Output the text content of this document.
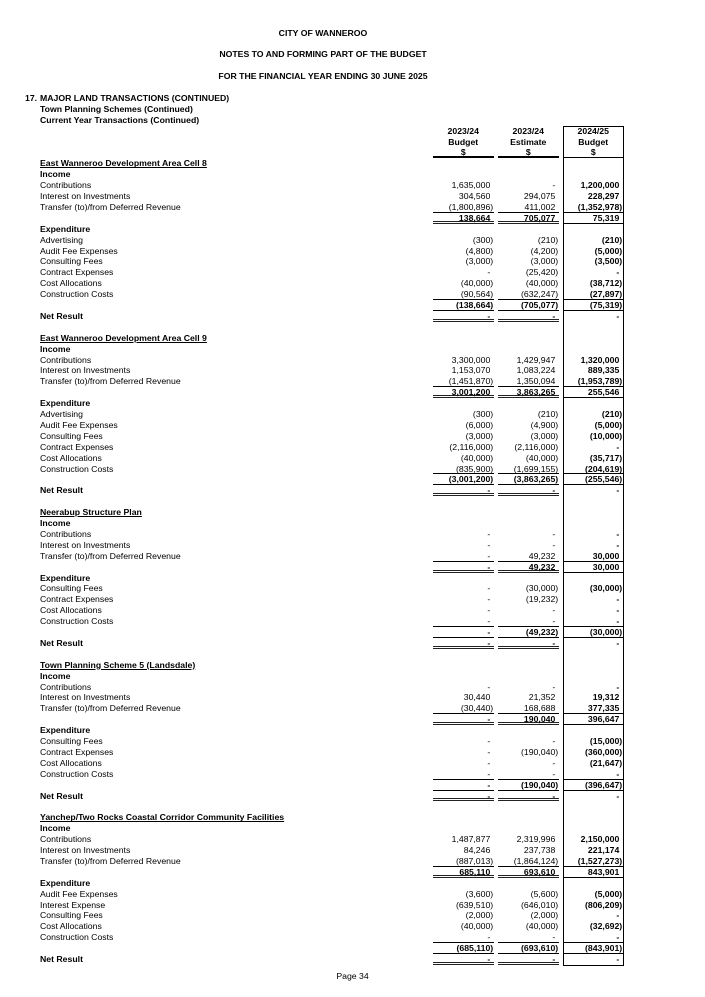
CITY OF WANNEROO
NOTES TO AND FORMING PART OF THE BUDGET
FOR THE FINANCIAL YEAR ENDING 30 JUNE 2025
17. MAJOR LAND TRANSACTIONS (CONTINUED)
Town Planning Schemes (Continued)
Current Year Transactions (Continued)
2023/24	2023/24	2024/25
Budget	Estimate	Budget
$	$	$
East Wanneroo Development Area Cell 8
Income
Contributions	1,635,000	-	1,200,000
Interest on Investments	304,560	294,075	228,297
Transfer (to)/from Deferred Revenue	(1,800,896)	411,002	(1,352,978)
138,664	705,077	75,319
Expenditure
Advertising	(300)	(210)	(210)
Audit Fee Expenses	(4,800)	(4,200)	(5,000)
Consulting Fees	(3,000)	(3,000)	(3,500)
Contract Expenses	-	(25,420)	-
Cost Allocations	(40,000)	(40,000)	(38,712)
Construction Costs	(90,564)	(632,247)	(27,897)
(138,664)	(705,077)	(75,319)
Net Result	-	-	-
East Wanneroo Development Area Cell 9
Income
Contributions	3,300,000	1,429,947	1,320,000
Interest on Investments	1,153,070	1,083,224	889,335
Transfer (to)/from Deferred Revenue	(1,451,870)	1,350,094	(1,953,789)
3,001,200	3,863,265	255,546
Expenditure
Advertising	(300)	(210)	(210)
Audit Fee Expenses	(6,000)	(4,900)	(5,000)
Consulting Fees	(3,000)	(3,000)	(10,000)
Contract Expenses	(2,116,000)	(2,116,000)	-
Cost Allocations	(40,000)	(40,000)	(35,717)
Construction Costs	(835,900)	(1,699,155)	(204,619)
(3,001,200)	(3,863,265)	(255,546)
Net Result	-	-	-
Neerabup Structure Plan
Income
Contributions	-	-	-
Interest on Investments	-	-	-
Transfer (to)/from Deferred Revenue	-	49,232	30,000
-	49,232	30,000
Expenditure
Consulting Fees	-	(30,000)	(30,000)
Contract Expenses	-	(19,232)	-
Cost Allocations	-	-	-
Construction Costs	-	-	-
-	(49,232)	(30,000)
Net Result	-	-	-
Town Planning Scheme 5 (Landsdale)
Income
Contributions	-	-	-
Interest on Investments	30,440	21,352	19,312
Transfer (to)/from Deferred Revenue	(30,440)	168,688	377,335
-	190,040	396,647
Expenditure
Consulting Fees	-	-	(15,000)
Contract Expenses	-	(190,040)	(360,000)
Cost Allocations	-	-	(21,647)
Construction Costs	-	-	-
-	(190,040)	(396,647)
Net Result	-	-	-
Yanchep/Two Rocks Coastal Corridor Community Facilities
Income
Contributions	1,487,877	2,319,996	2,150,000
Interest on Investments	84,246	237,738	221,174
Transfer (to)/from Deferred Revenue	(887,013)	(1,864,124)	(1,527,273)
685,110	693,610	843,901
Expenditure
Audit Fee Expenses	(3,600)	(5,600)	(5,000)
Interest Expense	(639,510)	(646,010)	(806,209)
Consulting Fees	(2,000)	(2,000)	-
Cost Allocations	(40,000)	(40,000)	(32,692)
Construction Costs	-	-	-
(685,110)	(693,610)	(843,901)
Net Result	-	-	-
Page 34
